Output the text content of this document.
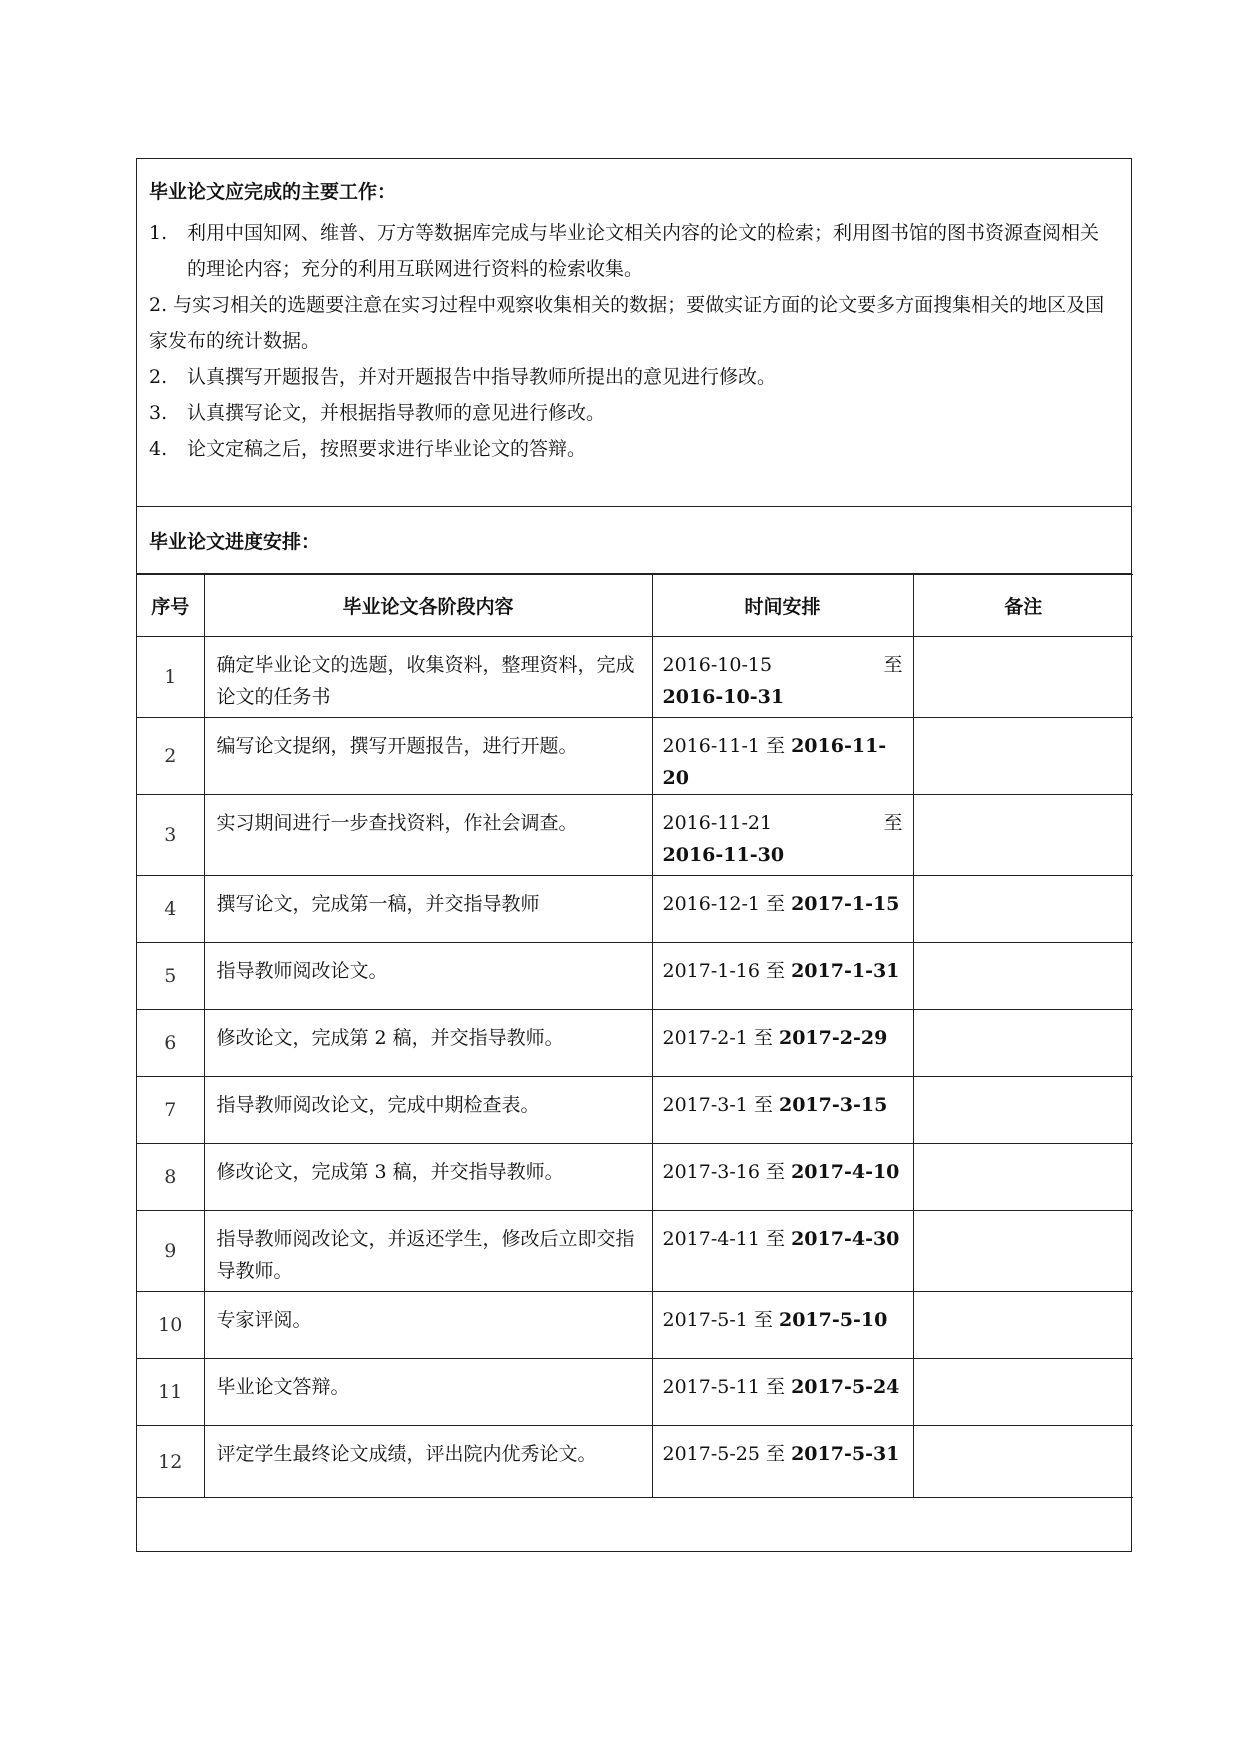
毕业论文应完成的主要工作：
1.	利用中国知网、维普、万方等数据库完成与毕业论文相关内容的论文的检索；利用图书馆的图书资源查阅相关的理论内容；充分的利用互联网进行资料的检索收集。
2. 与实习相关的选题要注意在实习过程中观察收集相关的数据；要做实证方面的论文要多方面搜集相关的地区及国家发布的统计数据。
2.	认真撰写开题报告，并对开题报告中指导教师所提出的意见进行修改。
3.	认真撰写论文，并根据指导教师的意见进行修改。
4.	论文定稿之后，按照要求进行毕业论文的答辩。
毕业论文进度安排：
序号	毕业论文各阶段内容	时间安排	备注
1	确定毕业论文的选题，收集资料，整理资料，完成论文的任务书	2016-10-15 至
2016-10-31	

2	编写论文提纲，撰写开题报告，进行开题。	2016-11-1 至 2016-11-20	
3	实习期间进行一步查找资料，作社会调查。	2016-11-21 至
2016-11-30	

4	撰写论文，完成第一稿，并交指导教师	2016-12-1 至 2017-1-15	
5	指导教师阅改论文。	2017-1-16 至 2017-1-31	
6	修改论文，完成第 2 稿，并交指导教师。	2017-2-1 至 2017-2-29	
7	指导教师阅改论文，完成中期检查表。	2017-3-1 至 2017-3-15	
8	修改论文，完成第 3 稿，并交指导教师。	2017-3-16 至 2017-4-10	
9	指导教师阅改论文，并返还学生，修改后立即交指导教师。	2017-4-11 至 2017-4-30	
10	专家评阅。	2017-5-1 至 2017-5-10	
11	毕业论文答辩。	2017-5-11 至 2017-5-24	
12	评定学生最终论文成绩，评出院内优秀论文。	2017-5-25 至 2017-5-31	
